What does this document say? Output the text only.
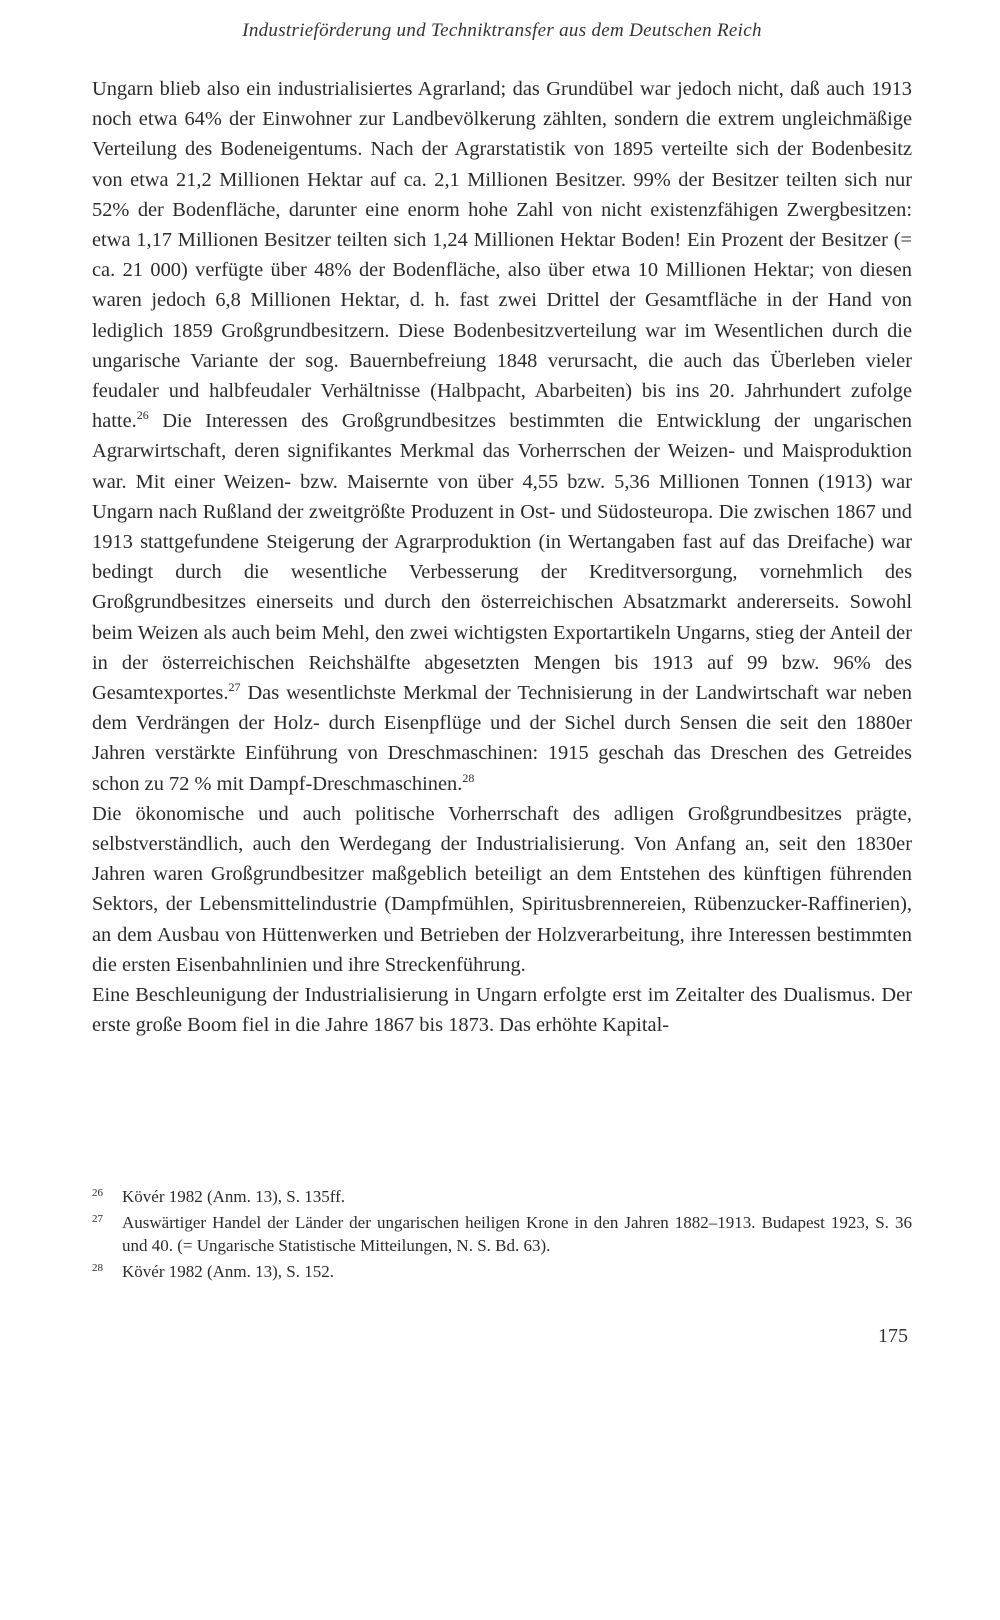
Industrieförderung und Techniktransfer aus dem Deutschen Reich

Ungarn blieb also ein industrialisiertes Agrarland; das Grundübel war jedoch nicht, daß auch 1913 noch etwa 64% der Einwohner zur Landbevölkerung zählten, sondern die extrem ungleichmäßige Verteilung des Bodeneigentums. Nach der Agrarstatistik von 1895 verteilte sich der Bodenbesitz von etwa 21,2 Millionen Hektar auf ca. 2,1 Millionen Besitzer. 99% der Besitzer teilten sich nur 52% der Bodenfläche, darunter eine enorm hohe Zahl von nicht existenzfähigen Zwergbesitzen: etwa 1,17 Millionen Besitzer teilten sich 1,24 Millionen Hektar Boden! Ein Prozent der Besitzer (= ca. 21 000) verfügte über 48% der Bodenfläche, also über etwa 10 Millionen Hektar; von diesen waren jedoch 6,8 Millionen Hektar, d. h. fast zwei Drittel der Gesamtfläche in der Hand von lediglich 1859 Großgrundbesitzern. Diese Bodenbesitzverteilung war im Wesentlichen durch die ungarische Variante der sog. Bauernbefreiung 1848 verursacht, die auch das Überleben vieler feudaler und halbfeudaler Verhältnisse (Halbpacht, Abarbeiten) bis ins 20. Jahrhundert zufolge hatte.$^{26}$ Die Interessen des Großgrundbesitzes bestimmten die Entwicklung der ungarischen Agrarwirtschaft, deren signifikantes Merkmal das Vorherrschen der Weizen- und Maisproduktion war. Mit einer Weizen- bzw. Maisernte von über 4,55 bzw. 5,36 Millionen Tonnen (1913) war Ungarn nach Rußland der zweitgrößte Produzent in Ost- und Südosteuropa. Die zwischen 1867 und 1913 stattgefundene Steigerung der Agrarproduktion (in Wertangaben fast auf das Dreifache) war bedingt durch die wesentliche Verbesserung der Kreditversorgung, vornehmlich des Großgrundbesitzes einerseits und durch den österreichischen Absatzmarkt andererseits. Sowohl beim Weizen als auch beim Mehl, den zwei wichtigsten Exportartikeln Ungarns, stieg der Anteil der in der österreichischen Reichshälfte abgesetzten Mengen bis 1913 auf 99 bzw. 96% des Gesamtexportes.$^{27}$ Das wesentlichste Merkmal der Technisierung in der Landwirtschaft war neben dem Verdrängen der Holz- durch Eisenpflüge und der Sichel durch Sensen die seit den 1880er Jahren verstärkte Einführung von Dreschmaschinen: 1915 geschah das Dreschen des Getreides schon zu 72 % mit Dampf-Dreschmaschinen.$^{28}$

Die ökonomische und auch politische Vorherrschaft des adligen Großgrundbesitzes prägte, selbstverständlich, auch den Werdegang der Industrialisierung. Von Anfang an, seit den 1830er Jahren waren Großgrundbesitzer maßgeblich beteiligt an dem Entstehen des künftigen führenden Sektors, der Lebensmittelindustrie (Dampfmühlen, Spiritusbrennereien, Rübenzucker-Raffinerien), an dem Ausbau von Hüttenwerken und Betrieben der Holzverarbeitung, ihre Interessen bestimmten die ersten Eisenbahnlinien und ihre Streckenführung.

Eine Beschleunigung der Industrialisierung in Ungarn erfolgte erst im Zeitalter des Dualismus. Der erste große Boom fiel in die Jahre 1867 bis 1873. Das erhöhte Kapital-

26	Kövér 1982 (Anm. 13), S. 135ff.
27	Auswärtiger Handel der Länder der ungarischen heiligen Krone in den Jahren 1882–1913. Budapest 1923, S. 36 und 40. (= Ungarische Statistische Mitteilungen, N. S. Bd. 63).
28	Kövér 1982 (Anm. 13), S. 152.
175
